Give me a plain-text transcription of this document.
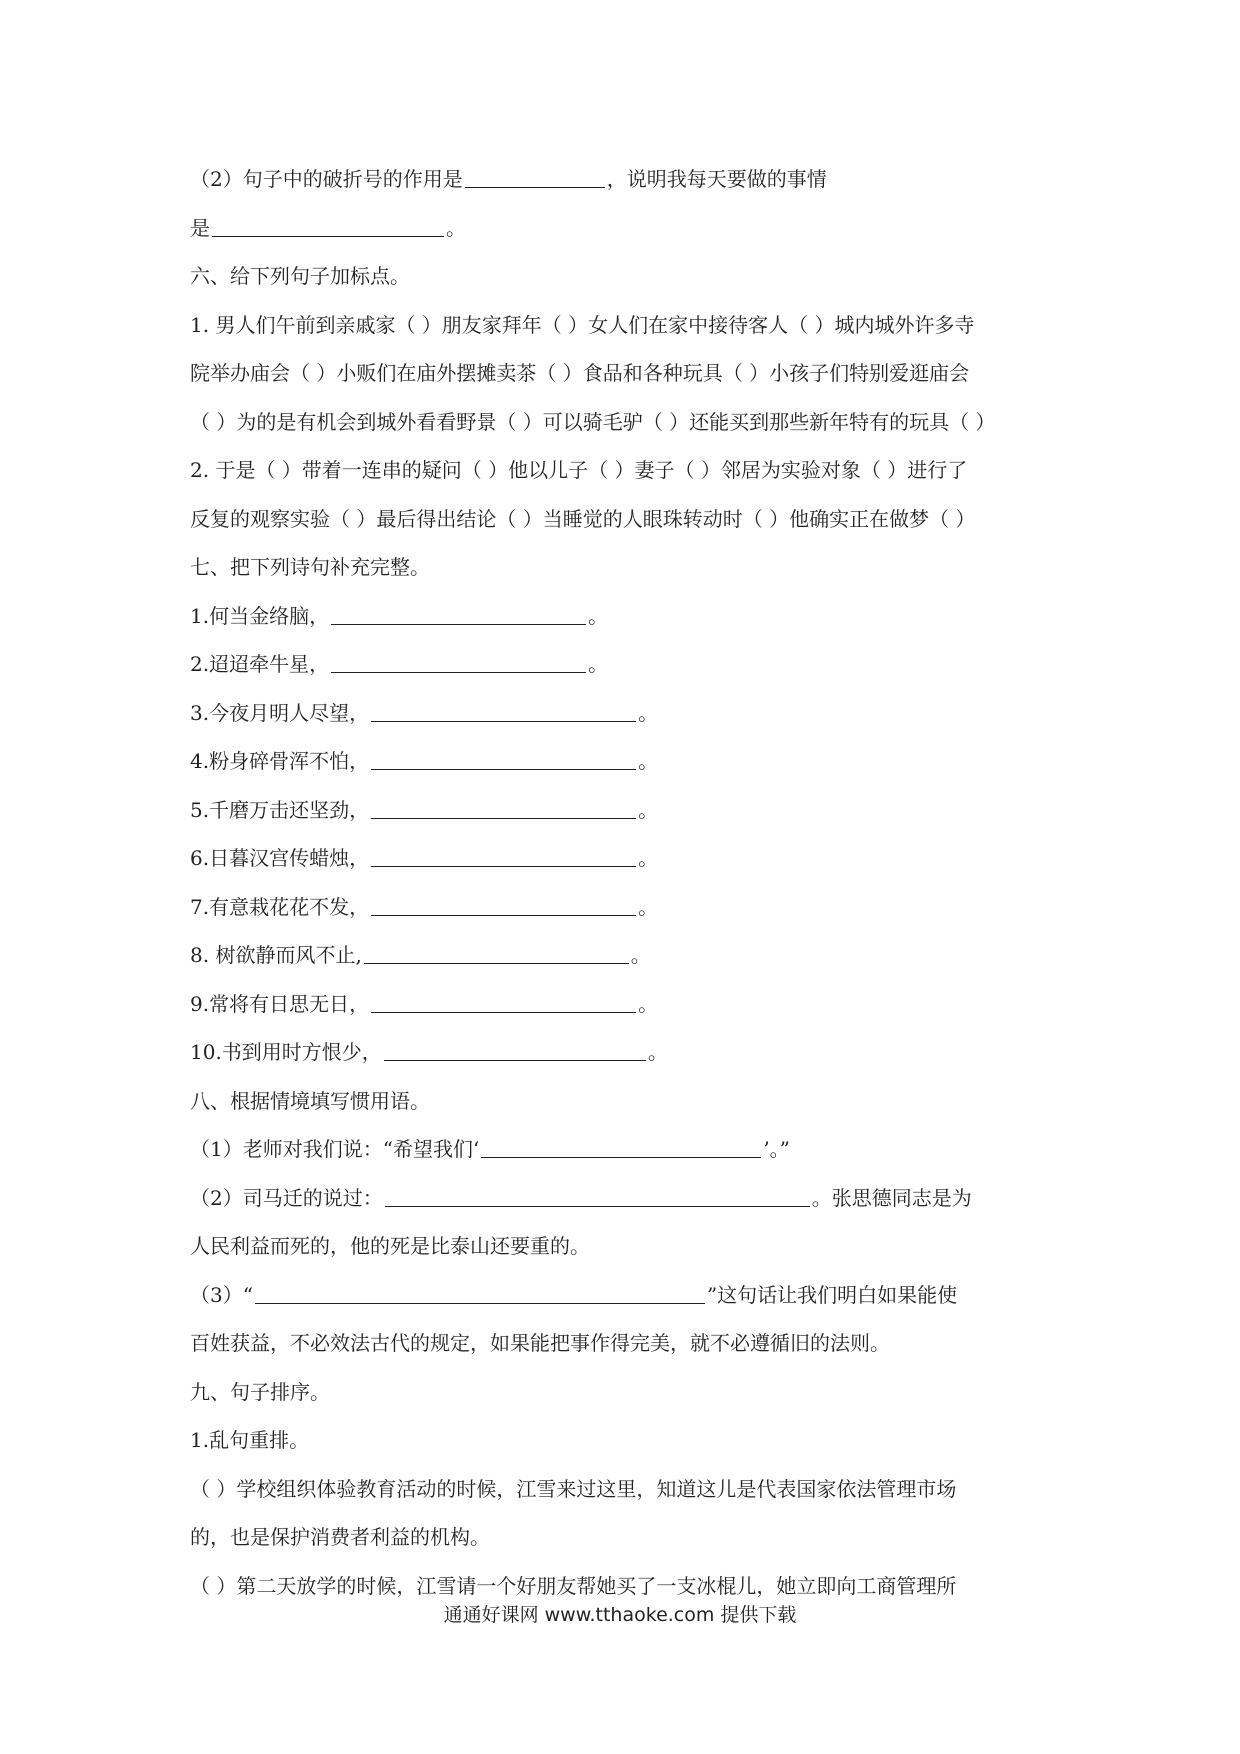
（2）句子中的破折号的作用是	，说明我每天要做的事情
是	。
六、给下列句子加标点。
1. 男人们午前到亲戚家（ ）朋友家拜年（ ）女人们在家中接待客人（ ）城内城外许多寺
院举办庙会（ ）小贩们在庙外摆摊卖茶（ ）食品和各种玩具（ ）小孩子们特别爱逛庙会
（ ）为的是有机会到城外看看野景（ ）可以骑毛驴（ ）还能买到那些新年特有的玩具（ ）
2. 于是（ ）带着一连串的疑问（ ）他以儿子（ ）妻子（ ）邻居为实验对象（ ）进行了
反复的观察实验（ ）最后得出结论（ ）当睡觉的人眼珠转动时（ ）他确实正在做梦（ ）
七、把下列诗句补充完整。
1.何当金络脑，	。
2.迢迢牵牛星，	。
3.今夜月明人尽望，	。
4.粉身碎骨浑不怕，	。
5.千磨万击还坚劲，	。
6.日暮汉宫传蜡烛，	。
7.有意栽花花不发，	。
8. 树欲静而风不止,	。
9.常将有日思无日，	。
10.书到用时方恨少，	。
八、根据情境填写惯用语。
（1）老师对我们说：“希望我们‘	’。”
（2）司马迁的说过：	。张思德同志是为
人民利益而死的，他的死是比泰山还要重的。
（3）“	”这句话让我们明白如果能使
百姓获益，不必效法古代的规定，如果能把事作得完美，就不必遵循旧的法则。
九、句子排序。
1.乱句重排。
（ ）学校组织体验教育活动的时候，江雪来过这里，知道这儿是代表国家依法管理市场
的，也是保护消费者利益的机构。
（ ）第二天放学的时候，江雪请一个好朋友帮她买了一支冰棍儿，她立即向工商管理所
通通好课网 www.tthaoke.com 提供下载
